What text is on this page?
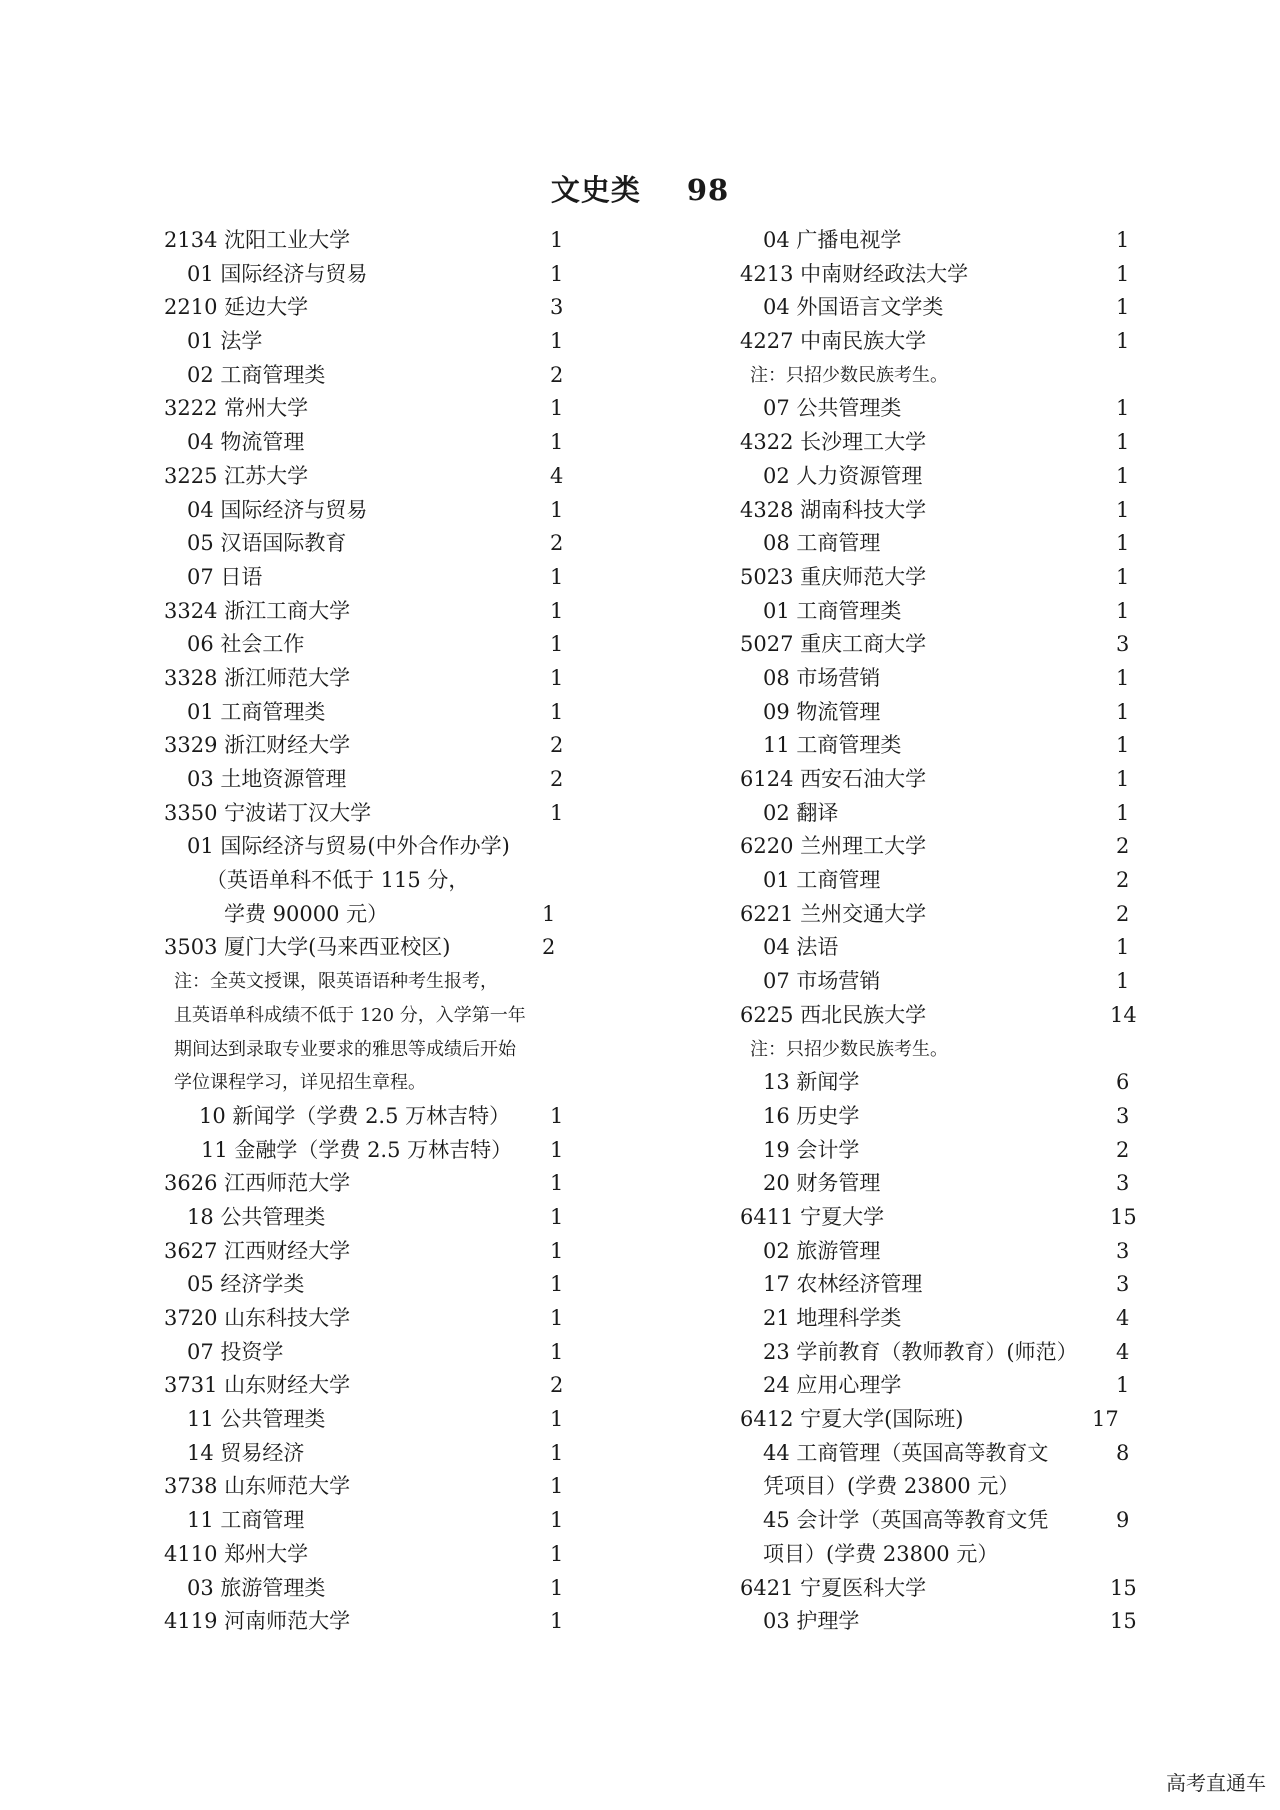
文史类 98
2134 沈阳工业大学	1
01 国际经济与贸易	1
2210 延边大学	3
01 法学	1
02 工商管理类	2
3222 常州大学	1
04 物流管理	1
3225 江苏大学	4
04 国际经济与贸易	1
05 汉语国际教育	2
07 日语	1
3324 浙江工商大学	1
06 社会工作	1
3328 浙江师范大学	1
01 工商管理类	1
3329 浙江财经大学	2
03 土地资源管理	2
3350 宁波诺丁汉大学	1
01 国际经济与贸易(中外合作办学)
（英语单科不低于 115 分，
学费 90000 元）	1
3503 厦门大学(马来西亚校区)	2
注：全英文授课，限英语语种考生报考，
且英语单科成绩不低于 120 分，入学第一年
期间达到录取专业要求的雅思等成绩后开始
学位课程学习，详见招生章程。
10 新闻学（学费 2.5 万林吉特） 1
11 金融学（学费 2.5 万林吉特） 1
3626 江西师范大学	1
18 公共管理类	1
3627 江西财经大学	1
05 经济学类	1
3720 山东科技大学	1
07 投资学	1
3731 山东财经大学	2
11 公共管理类	1
14 贸易经济	1
3738 山东师范大学	1
11 工商管理	1
4110 郑州大学	1
03 旅游管理类	1
4119 河南师范大学	1
04 广播电视学	1
4213 中南财经政法大学	1
04 外国语言文学类	1
4227 中南民族大学	1
注：只招少数民族考生。
07 公共管理类	1
4322 长沙理工大学	1
02 人力资源管理	1
4328 湖南科技大学	1
08 工商管理	1
5023 重庆师范大学	1
01 工商管理类	1
5027 重庆工商大学	3
08 市场营销	1
09 物流管理	1
11 工商管理类	1
6124 西安石油大学	1
02 翻译	1
6220 兰州理工大学	2
01 工商管理	2
6221 兰州交通大学	2
04 法语	1
07 市场营销	1
6225 西北民族大学	14
注：只招少数民族考生。
13 新闻学	6
16 历史学	3
19 会计学	2
20 财务管理	3
6411 宁夏大学	15
02 旅游管理	3
17 农林经济管理	3
21 地理科学类	4
23 学前教育（教师教育）(师范） 4
24 应用心理学	1
6412 宁夏大学(国际班)	17
44 工商管理（英国高等教育文	8
凭项目）(学费 23800 元）
45 会计学（英国高等教育文凭	9
项目）(学费 23800 元）
6421 宁夏医科大学	15
03 护理学	15
高考直通车
